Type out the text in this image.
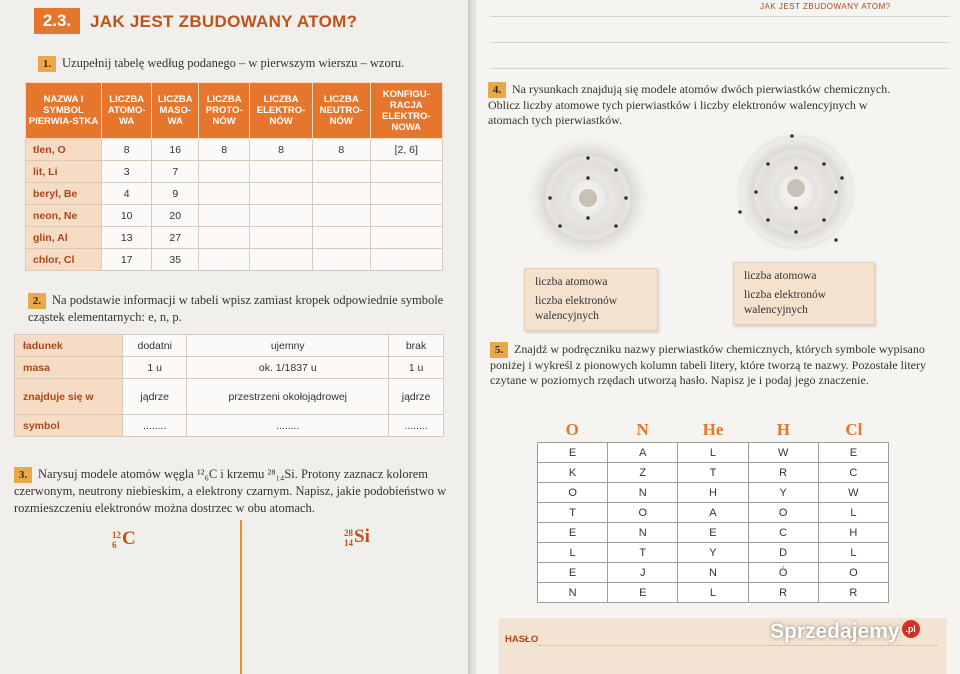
2.3.	JAK JEST ZBUDOWANY ATOM?
1. Uzupełnij tabelę według podanego – w pierwszym wierszu – wzoru.
NAZWA I SYMBOL PIERWIA-STKA	LICZBA ATOMO-WA	LICZBA MASO-WA	LICZBA PROTO-NÓW	LICZBA ELEKTRO-NÓW	LICZBA NEUTRO-NÓW	KONFIGU-RACJA ELEKTRO-NOWA
tlen, O	8	16	8	8	8	[2, 6]
lit, Li	3	7				
beryl, Be	4	9				
neon, Ne	10	20				
glin, Al	13	27				
chlor, Cl	17	35				
2. Na podstawie informacji w tabeli wpisz zamiast kropek odpowiednie symbole cząstek elementarnych: e, n, p.
ładunek	dodatni	ujemny	brak
masa	1 u	ok. 1/1837 u	1 u
znajduje się w	jądrze	przestrzeni okołojądrowej	jądrze
symbol	........	........	........
3. Narysuj modele atomów węgla ¹²₆C i krzemu ²⁸₁₄Si. Protony zaznacz kolorem czerwonym, neutrony niebieskim, a elektrony czarnym. Napisz, jakie podobieństwo w rozmieszczeniu elektronów można dostrzec w obu atomach.
12
6 C	28
14 Si
JAK JEST ZBUDOWANY ATOM?
4. Na rysunkach znajdują się modele atomów dwóch pierwiastków chemicznych. Oblicz liczby atomowe tych pierwiastków i liczby elektronów walencyjnych w atomach tych pierwiastków.
liczba atomowa
liczba elektronów walencyjnych
liczba atomowa
liczba elektronów walencyjnych
5. Znajdź w podręczniku nazwy pierwiastków chemicznych, których symbole wypisano poniżej i wykreśl z pionowych kolumn tabeli litery, które tworzą te nazwy. Pozostałe litery czytane w poziomych rzędach utworzą hasło. Napisz je i podaj jego znaczenie.
O	N	He	H	Cl
E	A	L	W	E
K	Z	T	R	C
O	N	H	Y	W
T	O	A	O	L
E	N	E	C	H
L	T	Y	D	L
E	J	N	Ó	O
N	E	L	R	R
HASŁO	Sprzedajemy .pl
